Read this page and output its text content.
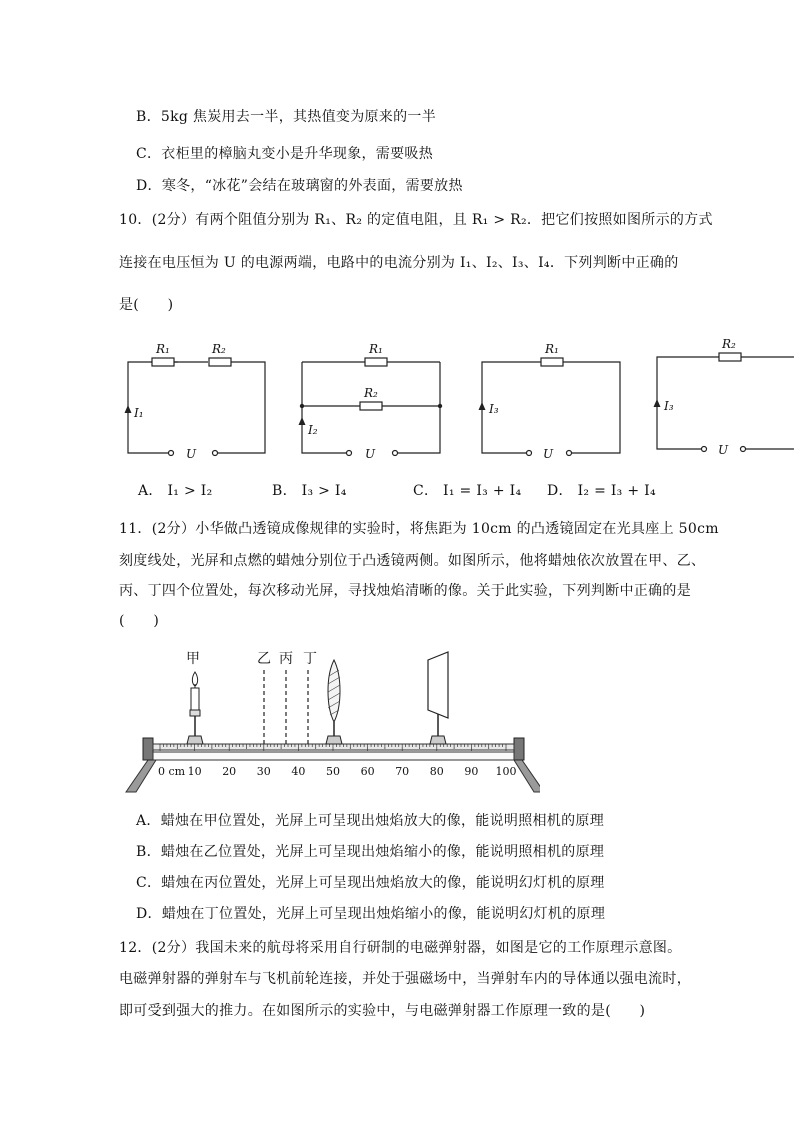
B．5kg 焦炭用去一半，其热值变为原来的一半
C．衣柜里的樟脑丸变小是升华现象，需要吸热
D．寒冬，“冰花”会结在玻璃窗的外表面，需要放热
10．(2分）有两个阻值分别为 R₁、R₂ 的定值电阻，且 R₁ > R₂．把它们按照如图所示的方式
连接在电压恒为 U 的电源两端，电路中的电流分别为 I₁、I₂、I₃、I₄．下列判断中正确的
是(　　)
R₁	R₂
I₁
U
R₁
R₂
I₂
U
R₁
I₃
U
R₂
I₃
U
A． I₁ > I₂	B． I₃ > I₄	C． I₁ = I₃ + I₄ D． I₂ = I₃ + I₄
11．(2分）小华做凸透镜成像规律的实验时，将焦距为 10cm 的凸透镜固定在光具座上 50cm
刻度线处，光屏和点燃的蜡烛分别位于凸透镜两侧。如图所示，他将蜡烛依次放置在甲、乙、
丙、丁四个位置处，每次移动光屏，寻找烛焰清晰的像。关于此实验，下列判断中正确的是
(　　)
甲	乙 丙 丁
0 cm 10 20 30 40 50 60 70 80 90 100
A．蜡烛在甲位置处，光屏上可呈现出烛焰放大的像，能说明照相机的原理
B．蜡烛在乙位置处，光屏上可呈现出烛焰缩小的像，能说明照相机的原理
C．蜡烛在丙位置处，光屏上可呈现出烛焰放大的像，能说明幻灯机的原理
D．蜡烛在丁位置处，光屏上可呈现出烛焰缩小的像，能说明幻灯机的原理
12．(2分）我国未来的航母将采用自行研制的电磁弹射器，如图是它的工作原理示意图。
电磁弹射器的弹射车与飞机前轮连接，并处于强磁场中，当弹射车内的导体通以强电流时，
即可受到强大的推力。在如图所示的实验中，与电磁弹射器工作原理一致的是(　　)
